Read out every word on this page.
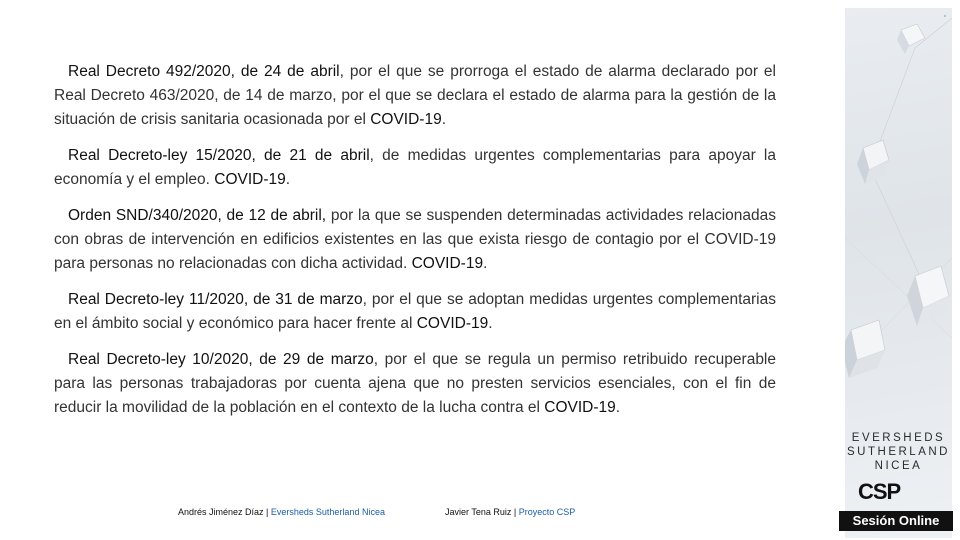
Real Decreto 492/2020, de 24 de abril, por el que se prorroga el estado de alarma declarado por el Real Decreto 463/2020, de 14 de marzo, por el que se declara el estado de alarma para la gestión de la situación de crisis sanitaria ocasionada por el COVID-19.

Real Decreto-ley 15/2020, de 21 de abril, de medidas urgentes complementarias para apoyar la economía y el empleo. COVID-19.

Orden SND/340/2020, de 12 de abril, por la que se suspenden determinadas actividades relacionadas con obras de intervención en edificios existentes en las que exista riesgo de contagio por el COVID-19 para personas no relacionadas con dicha actividad. COVID-19.

Real Decreto-ley 11/2020, de 31 de marzo, por el que se adoptan medidas urgentes complementarias en el ámbito social y económico para hacer frente al COVID-19.

Real Decreto-ley 10/2020, de 29 de marzo, por el que se regula un permiso retribuido recuperable para las personas trabajadoras por cuenta ajena que no presten servicios esenciales, con el fin de reducir la movilidad de la población en el contexto de la lucha contra el COVID-19.

Andrés Jiménez Díaz | Eversheds Sutherland Nicea	Javier Tena Ruiz | Proyecto CSP
EVERSHEDS
SUTHERLAND
NICEA
CSP
Sesión Online
